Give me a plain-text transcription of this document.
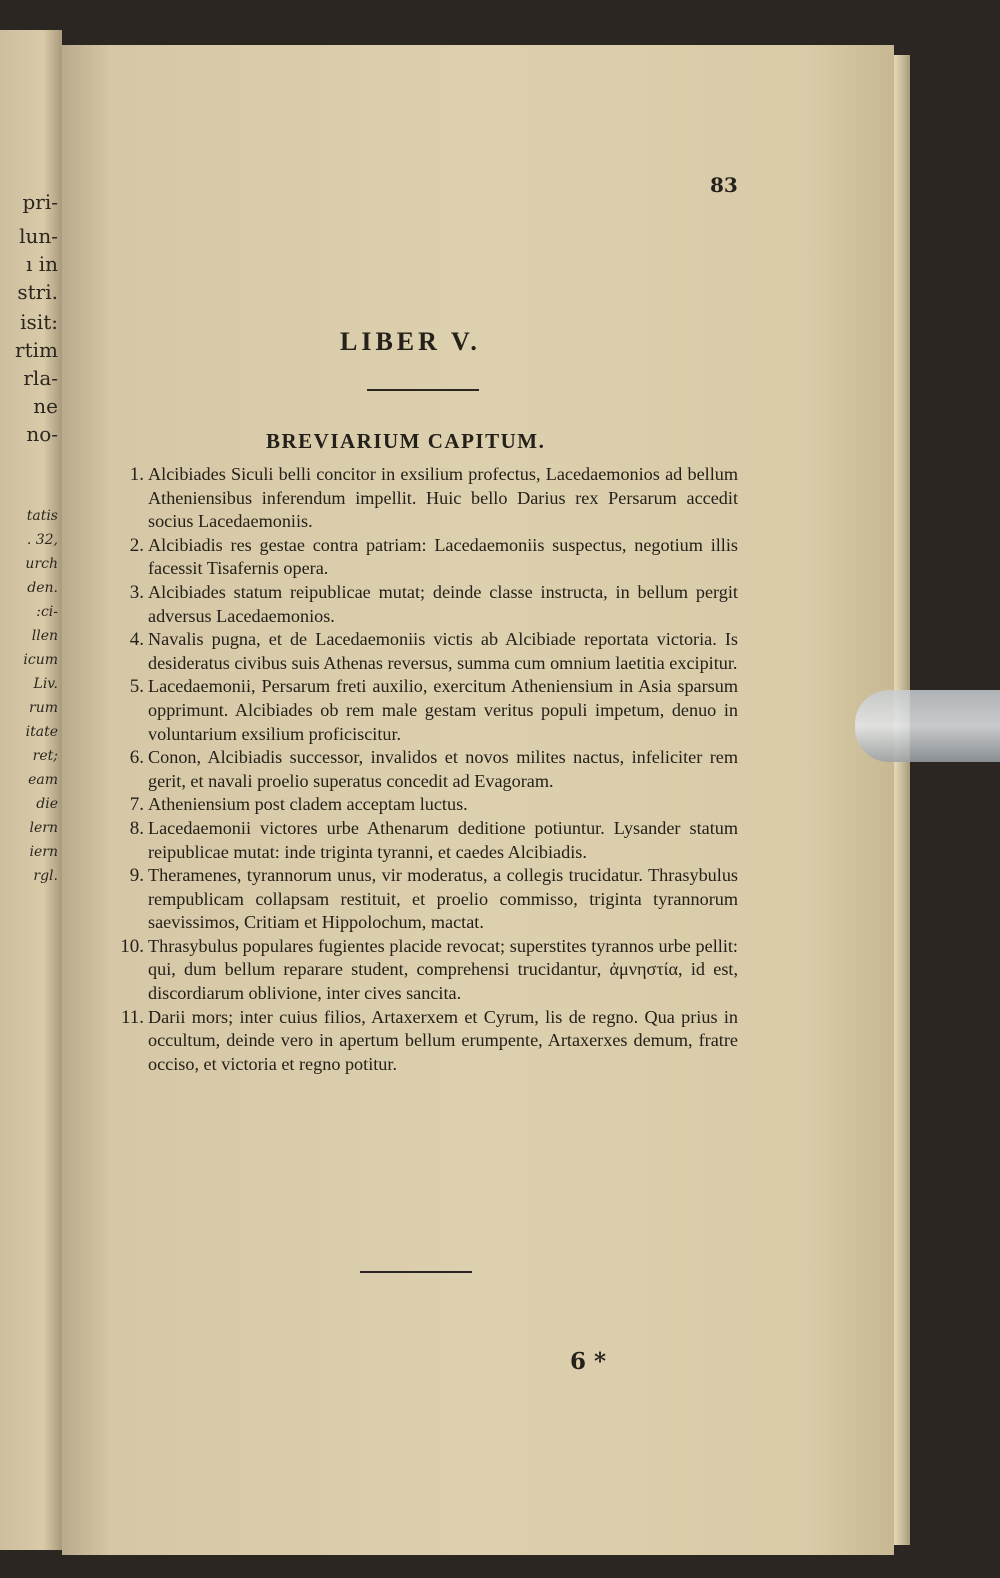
pri-
lun-
ı in
stri.
isit:
rtim
rla-
ne
no-
tatis
. 32,
urch
den.
:ci-
llen
icum
Liv.
rum
itate
ret;
eam
die
lern
iern
rgl.
83
LIBER V.
BREVIARIUM CAPITUM.
1. Alcibiades Siculi belli concitor in exsilium profectus, Lacedaemonios ad bellum Atheniensibus inferendum impellit. Huic bello Darius rex Persarum accedit socius Lacedaemoniis.
2. Alcibiadis res gestae contra patriam: Lacedaemoniis suspectus, negotium illis facessit Tisafernis opera.
3. Alcibiades statum reipublicae mutat; deinde classe instructa, in bellum pergit adversus Lacedaemonios.
4. Navalis pugna, et de Lacedaemoniis victis ab Alcibiade reportata victoria. Is desideratus civibus suis Athenas reversus, summa cum omnium laetitia excipitur.
5. Lacedaemonii, Persarum freti auxilio, exercitum Atheniensium in Asia sparsum opprimunt. Alcibiades ob rem male gestam veritus populi impetum, denuo in voluntarium exsilium proficiscitur.
6. Conon, Alcibiadis successor, invalidos et novos milites nactus, infeliciter rem gerit, et navali proelio superatus concedit ad Evagoram.
7. Atheniensium post cladem acceptam luctus.
8. Lacedaemonii victores urbe Athenarum deditione potiuntur. Lysander statum reipublicae mutat: inde triginta tyranni, et caedes Alcibiadis.
9. Theramenes, tyrannorum unus, vir moderatus, a collegis trucidatur. Thrasybulus rempublicam collapsam restituit, et proelio commisso, triginta tyrannorum saevissimos, Critiam et Hippolochum, mactat.
10. Thrasybulus populares fugientes placide revocat; superstites tyrannos urbe pellit: qui, dum bellum reparare student, comprehensi trucidantur, ἀμνηστία, id est, discordiarum oblivione, inter cives sancita.
11. Darii mors; inter cuius filios, Artaxerxem et Cyrum, lis de regno. Qua prius in occultum, deinde vero in apertum bellum erumpente, Artaxerxes demum, fratre occiso, et victoria et regno potitur.
6 *
